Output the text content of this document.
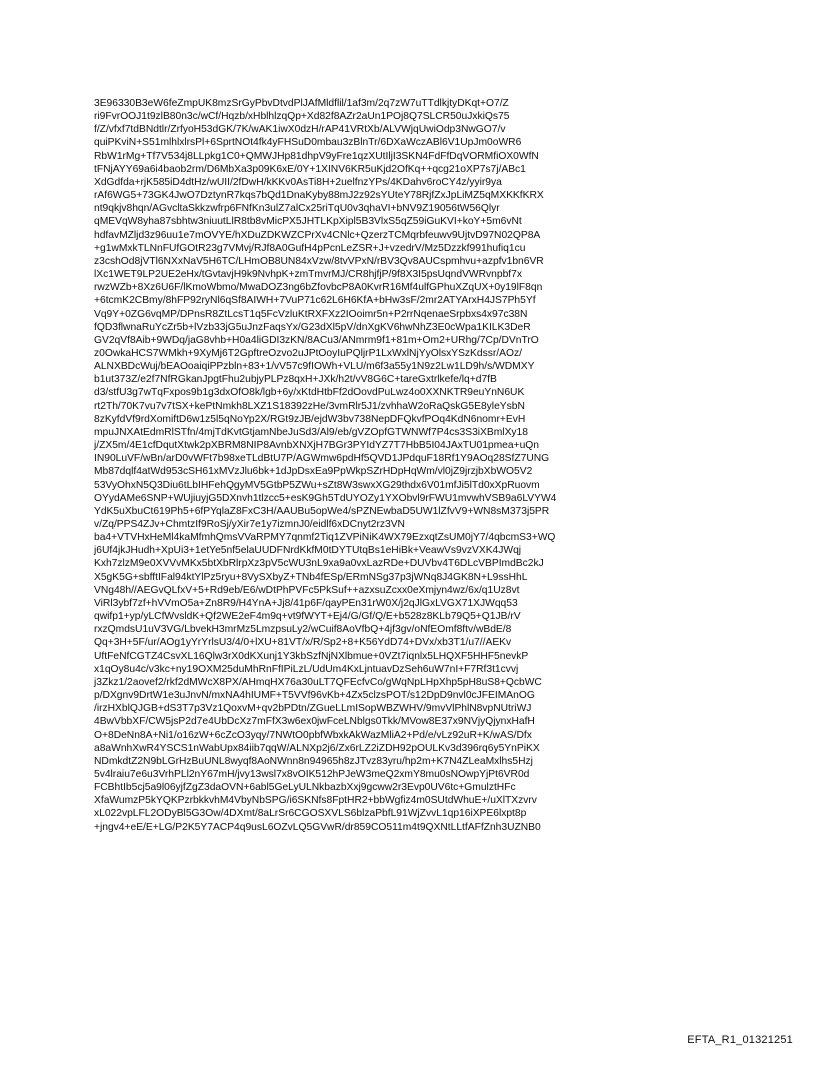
3E96330B3eW6feZmpUK8mzSrGyPbvDtvdPlJAfMldflil/1af3m/2q7zW7uTTdlkjtyDKqt+O7/Z
ri9FvrOOJ1t9zlB80n3c/wCf/Hqzb/xHblhlzqQp+Xd82f8AZr2aUn1POj8Q7SLCR50uJxkiQs75
f/Z/vfxf7tdBNdtlr/ZrfyoH53dGK/7K/wAK1iwX0dzH/rAP41VRtXb/ALVWjqUwiOdp3NwGO7/v
quiPKviN+S51mlhlxlrsPl+6SprtNOt4fk4yFHSuD0mbau3zBlnTr/6DXaWczABl6V1UpJm0oWR6
RbW1rMg+Tf7V534j8LLpkg1C0+QMWJHp81dhpV9yFre1qzXUtIljI3SKN4FdFfDqVORMfiOX0WfN
tFNjAYY69a6i4baob2rm/D6MbXa3p09K6xE/0Y+1XINV6KR5uKjd2OfKq++qcg21oXP7s7j/ABc1
XdGdfda+rjK585iD4dtHz/wUII/2fDwH/kKKv0AsTi8H+2uelfnzYPs/4KDahv6roCY4z/yyir9ya
rAf6WG5+73GK4JwO7DztynR7kqs7bQd1DnaKyby88mJ2z92sYUteY78RjfZxJpLiMZ5qMXKKfKRX
nt9qkjv8hqn/AGvcltaSkkzwfrp6FNfKn3ulZ7alCx25riTqU0v3qhaVI+bNV9Z19056tW56Qlyr
qMEVqW8yha87sbhtw3niuutLlR8tb8vMicPX5JHTLKpXipl5B3VlxS5qZ59iGuKVI+koY+5m6vNt
hdfavMZljd3z96uu1e7mOVYE/hXDuZDKWZCPrXv4CNlc+QzerzTCMqrbfeuwv9UjtvD97N02QP8A
+g1wMxkTLNnFUfGOtR23g7VMvj/RJf8A0GufH4pPcnLeZSR+J+vzedrV/Mz5Dzzkf991hufiq1cu
z3cshOd8jVTl6NXxNaV5H6TC/LHmOB8UN84xVzw/8tvVPxN/rBV3Qv8AUCspmhvu+azpfv1bn6VR
lXc1WET9LP2UE2eHx/tGvtavjH9k9NvhpK+zmTmvrMJ/CR8hjfjP/9f8X3I5psUqndVWRvnpbf7x
rwzWZb+8Xz6U6F/lKmoWbmo/MwaDOZ3ng6bZfovbcP8A0KvrR16Mf4ulfGPhuXZqUX+0y19lF8qn
+6tcmK2CBmy/8hFP92ryNl6qSf8AIWH+7VuP71c62L6H6KfA+bHw3sF/2mr2ATYArxH4JS7Ph5Yf
Vq9Y+0ZG6vqMP/DPnsR8ZtLcsT1q5FcVzluKtRXFXz2IOoimr5n+P2rrNqenaeSrpbxs4x97c38N
fQD3flwnaRuYcZr5b+lVzb33jG5uJnzFaqsYx/G23dXl5pV/dnXgKV6hwNhZ3E0cWpa1KILK3DeR
GV2qVf8Aib+9WDq/jaG8vhb+H0a4liGDI3zKN/8ACu3/ANmrm9f1+81m+Om2+URhg/7Cp/DVnTrO
z0OwkaHCS7WMkh+9XyMj6T2GpftreOzvo2uJPtOoyIuPQljrP1LxWxlNjYyOlsxYSzKdssr/AOz/
ALNXBDcWuj/bEAOoaiqiPPzbln+83+1/vV57c9fIOWh+VLU/m6f3a55y1N9z2Lw1LD9h/s/WDMXY
b1ut373Z/e2f7NfRGkanJpgtFhu2ubjyPLPz8qxH+JXk/h2t/vV8G6C+tareGxtrlkefe/lq+d7fB
d3/stfU3g7wTqFxpos9b1g3dxOfO8k/lgb+6y/xKtdHtbFf2dOovdPuLwz4o0XXNKTR9euYnN6UK
rt2Th/70K7vu7v7tSX+kePtNmkh8LXZ1S18392zHe/3vmRlr5J1/zvhhaW2oRaQskG5E8yleYsbN
8zKyfdVf9rdXomiftD6w1z5l5qNoYp2X/RGt9zJB/ejdW3bv738NepDFQkvfPOq4KdN6nomr+EvH
mpuJNXAtEdmRlSTfn/4mjTdKvtGtjamNbeJuSd3/Al9/eb/gVZOpfGTWNWf7P4cs3S3iXBmlXy18
j/ZX5m/4E1cfDqutXtwk2pXBRM8NIP8AvnbXNXjH7BGr3PYIdYZ7T7HbB5I04JAxTU01pmea+uQn
IN90LuVF/wBn/arD0vWFt7b98xeTLdBtU7P/AGWmw6pdHf5QVD1JPdquF18Rf1Y9AOq28SfZ7UNG
Mb87dqlf4atWd953cSH61xMVzJlu6bk+1dJpDsxEa9PpWkpSZrHDpHqWm/vl0jZ9jrzjbXbWO5V2
53VyOhxN5Q3Diu6tLbIHFehQgyMV5GtbP5ZWu+sZt8W3swxXG29thdx6V01mfJi5lTd0xXpRuovm
OYydAMe6SNP+WUjiuyjG5DXnvh1tlzcc5+esK9Gh5TdUYOZy1YXObvl9rFWU1mvwhVSB9a6LVYW4
YdK5uXbuCt619Ph5+6fPYqlaZ8FxC3H/AAUBu5opWe4/sPZNEwbaD5UW1lZfvV9+WN8sM373j5PR
v/Zq/PPS4ZJv+ChmtzIf9RoSj/yXir7e1y7izmnJ0/eidlf6xDCnyt2rz3VN
ba4+VTVHxHeMl4kaMfmhQmsVVaRPMY7qnmf2Tiq1ZVPiNiK4WX79EzxqtZsUM0jY7/4qbcmS3+WQ
j6Uf4jkJHudh+XpUi3+1etYe5nf5elaUUDFNrdKkfM0tDYTUtqBs1eHiBk+VeawVs9vzVXK4JWqj
Kxh7zlzM9e0XVVvMKx5btXbRlrpXz3pV5cWU3nL9xa9a0vxLazRDe+DUVbv4T6DLcVBPImdBc2kJ
X5gK5G+sbfftIFal94ktYlPz5ryu+8VySXbyZ+TNb4fESp/ERmNSg37p3jWNq8J4GK8N+L9ssHhL
VNg48h//AEGvQLfxV+5+Rd9eb/E6/wDtPhPVFc5PkSuf++azxsuZcxx0eXmjyn4wz/6x/q1Uz8vt
ViRl3ybf7zf+hVVmO5a+Zn8R9/H4YnA+Jj8/41p6F/qayPEn31rW0X/j2qJlGxLVGX71XJWqq53
qwifp1+yp/yLCfWvsldK+Qf2WE2eF4m9q+vt9fWYT+Ej4/G/Gf/Q/E+b528z8KLb79Q5+Q1JB/rV
rxzQmdsU1uV3VG/LbvekH3mrMz5LmzpsuLy2/wCuif8AoVfbQ+4jf3gv/oNfEOmf8ftv/wBdE/8
Qq+3H+5F/ur/AOg1yYrYrlsU3/4/0+lXU+81VT/x/R/Sp2+8+K56YdD74+DVx/xb3T1/u7//AEKv
UftFeNfCGTZ4CsvXL16Qlw3rX0dKXunj1Y3kbSzfNjNXlbmue+0VZt7iqnlx5LHQXF5HHF5nevkP
x1qOy8u4c/v3kc+ny19OXM25duMhRnFfIPiLzL/UdUm4KxLjntuavDzSeh6uW7nI+F7Rf3t1cvvj
j3Zkz1/2aovef2/rkf2dMWcX8PX/AHmqHX76a30uLT7QFEcfvCo/gWqNpLHpXhp5pH8uS8+QcbWC
p/DXgnv9DrtW1e3uJnvN/mxNA4hIUMF+T5VVf96vKb+4Zx5clzsPOT/s12DpD9nvl0cJFEIMAnOG
/irzHXblQJGB+dS3T7p3Vz1QoxvM+qv2bPDtn/ZGueLLmISopWBZWHV/9mvVlPhlN8vpNUtriWJ
4BwVbbXF/CW5jsP2d7e4UbDcXz7mFfX3w6ex0jwFceLNblgs0Tkk/MVow8E37x9NVjyQjynxHafH
O+8DeNn8A+Ni1/o16zW+6cZcO3yqy/7NWtO0pbfWbxkAkWazMliA2+Pd/e/vLz92uR+K/wAS/Dfx
a8aWnhXwR4YSCS1nWabUpx84iib7qqW/ALNXp2j6/Zx6rLZ2iZDH92pOULKv3d396rq6y5YnPiKX
NDmkdtZ2N9bLGrHzBuUNL8wyqf8AoNWnn8n94965h8zJTvz83yru/hp2m+K7N4ZLeaMxlhs5Hzj
5v4lraiu7e6u3VrhPLl2nY67mH/jvy13wsl7x8vOIK512hPJeW3meQ2xmY8mu0sNOwpYjPt6VR0d
FCBhtIb5cj5a9l06yjfZgZ3daOVN+6abl5GeLyULNkbazbXxj9gcww2r3Evp0UV6tc+GmulztHFc
XfaWumzP5kYQKPzrbkkvhM4VbyNbSPG/i6SKNfs8FptHR2+bbWgfiz4m0SUtdWhuE+/uXlTXzvrv
xL022vpLFL2ODyBl5G3Ow/4DXmt/8aLrSr6CGOSXVLS6blzaPbfL91WjZvvL1qp16iXPE6lxpt8p
+jngv4+eE/E+LG/P2K5Y7ACP4q9usL6OZvLQ5GVwR/dr859CO511m4t9QXNtLLtfAFfZnh3UZNB0
EFTA_R1_01321251
